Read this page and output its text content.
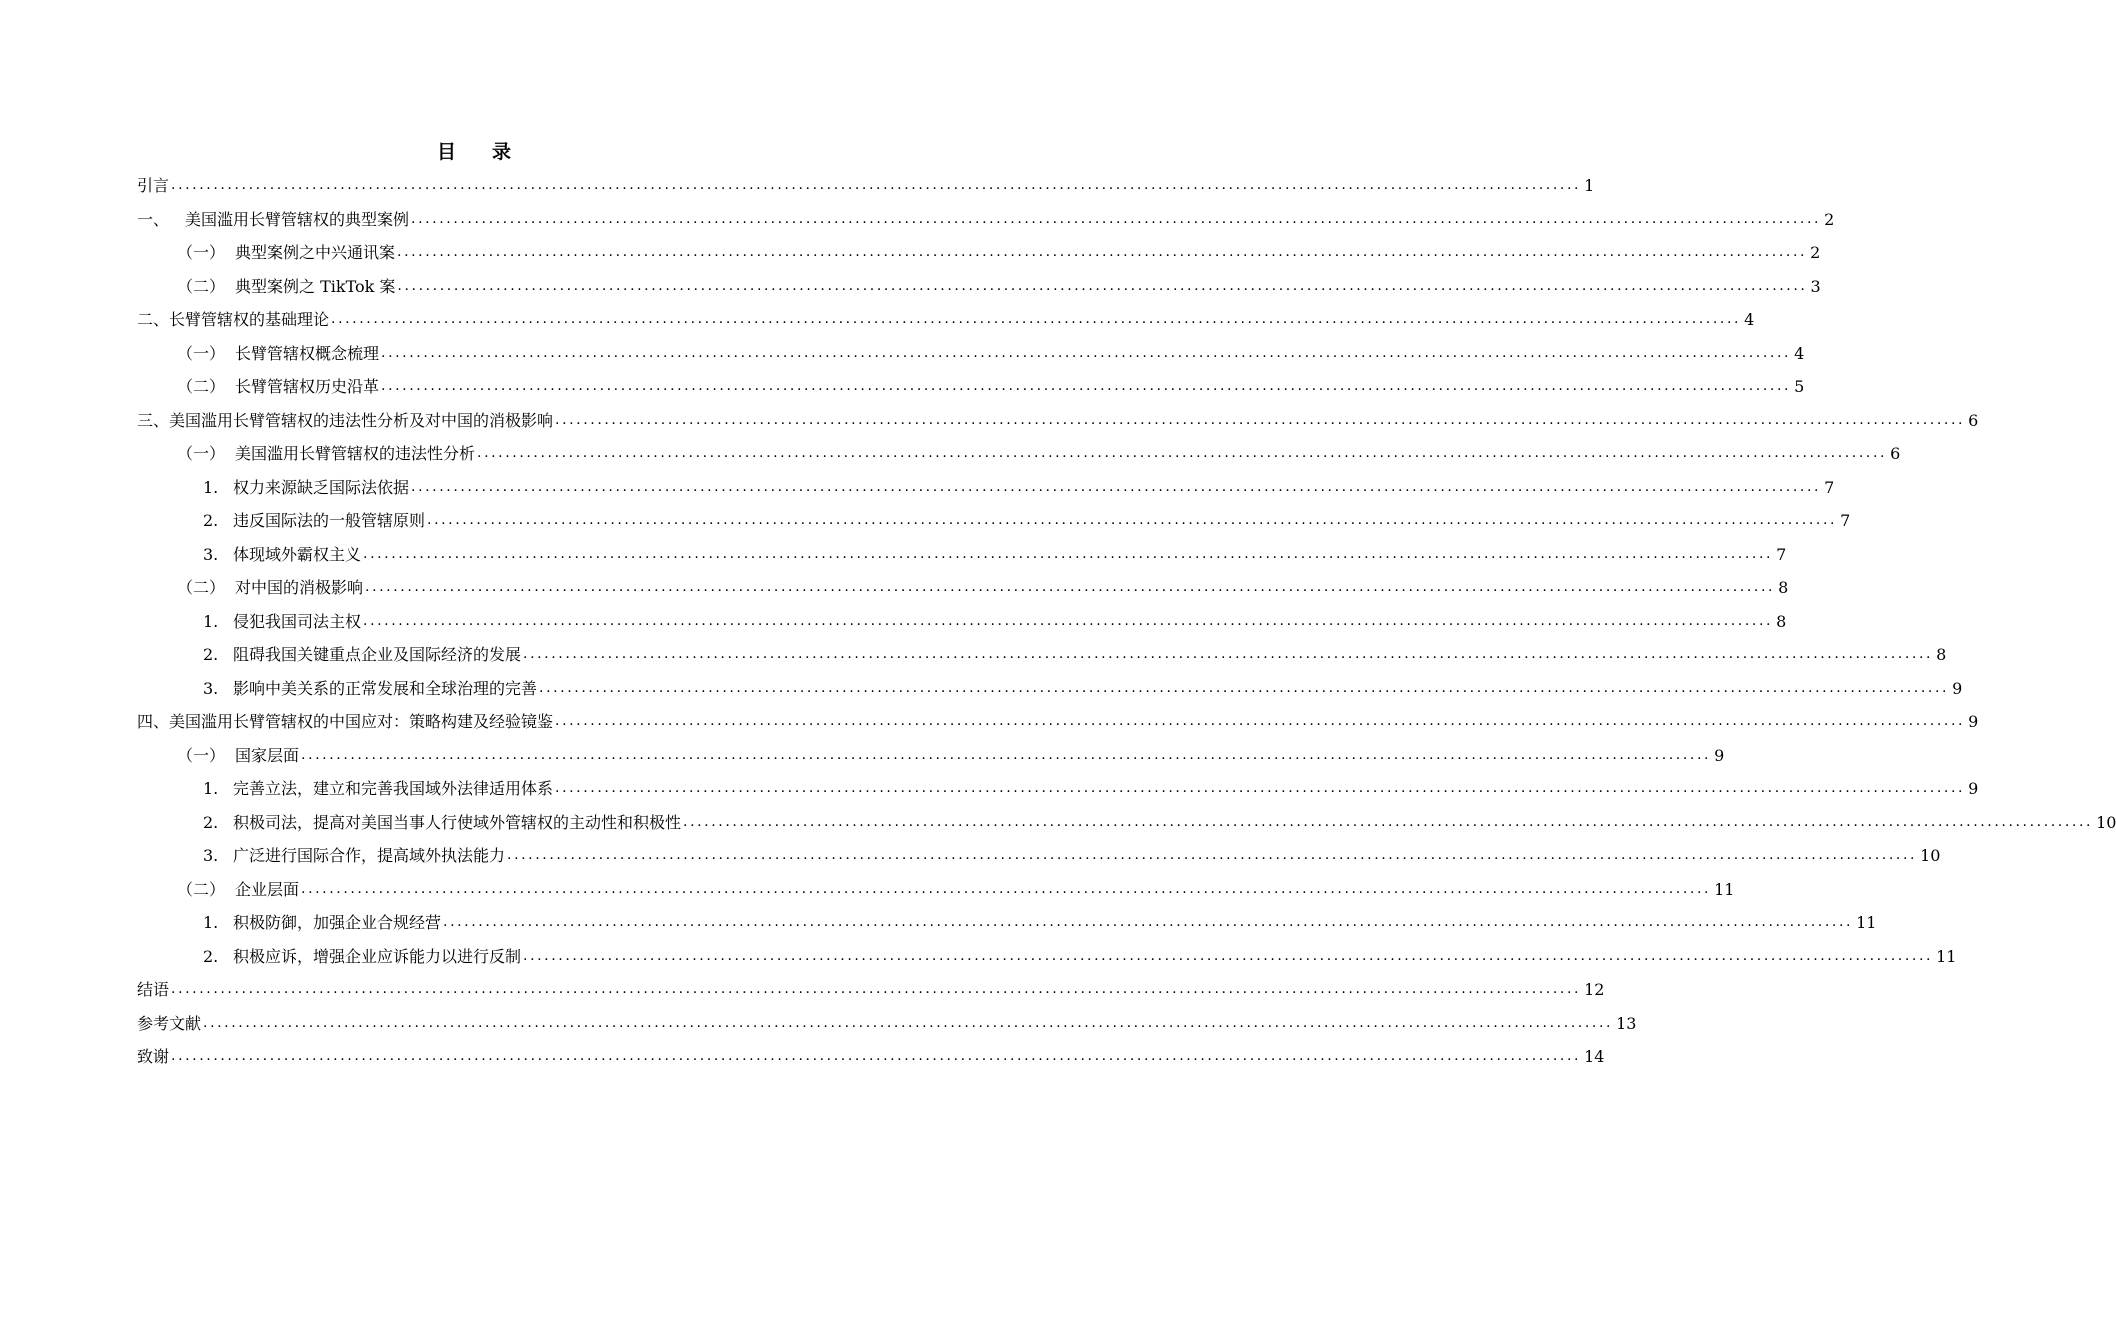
目 录
引言 ........................................................................................................................................................................................................ 1
一、 美国滥用长臂管辖权的典型案例 ........................................................................................................................................................................................................ 2
（一） 典型案例之中兴通讯案 ........................................................................................................................................................................................................ 2
（二） 典型案例之 TikTok 案 ........................................................................................................................................................................................................ 3
二、长臂管辖权的基础理论 ........................................................................................................................................................................................................ 4
（一） 长臂管辖权概念梳理 ........................................................................................................................................................................................................ 4
（二） 长臂管辖权历史沿革 ........................................................................................................................................................................................................ 5
三、美国滥用长臂管辖权的违法性分析及对中国的消极影响 ........................................................................................................................................................................................................ 6
（一） 美国滥用长臂管辖权的违法性分析 ........................................................................................................................................................................................................ 6
1. 权力来源缺乏国际法依据 ........................................................................................................................................................................................................ 7
2. 违反国际法的一般管辖原则 ........................................................................................................................................................................................................ 7
3. 体现域外霸权主义 ........................................................................................................................................................................................................ 7
（二） 对中国的消极影响 ........................................................................................................................................................................................................ 8
1. 侵犯我国司法主权 ........................................................................................................................................................................................................ 8
2. 阻碍我国关键重点企业及国际经济的发展 ........................................................................................................................................................................................................ 8
3. 影响中美关系的正常发展和全球治理的完善 ........................................................................................................................................................................................................ 9
四、美国滥用长臂管辖权的中国应对：策略构建及经验镜鉴 ........................................................................................................................................................................................................ 9
（一） 国家层面 ........................................................................................................................................................................................................ 9
1. 完善立法，建立和完善我国域外法律适用体系 ........................................................................................................................................................................................................ 9
2. 积极司法，提高对美国当事人行使域外管辖权的主动性和积极性 ........................................................................................................................................................................................................ 10
3. 广泛进行国际合作，提高域外执法能力 ........................................................................................................................................................................................................ 10
（二） 企业层面 ........................................................................................................................................................................................................ 11
1. 积极防御，加强企业合规经营 ........................................................................................................................................................................................................ 11
2. 积极应诉，增强企业应诉能力以进行反制 ........................................................................................................................................................................................................ 11
结语 ........................................................................................................................................................................................................ 12
参考文献 ........................................................................................................................................................................................................ 13
致谢 ........................................................................................................................................................................................................ 14
